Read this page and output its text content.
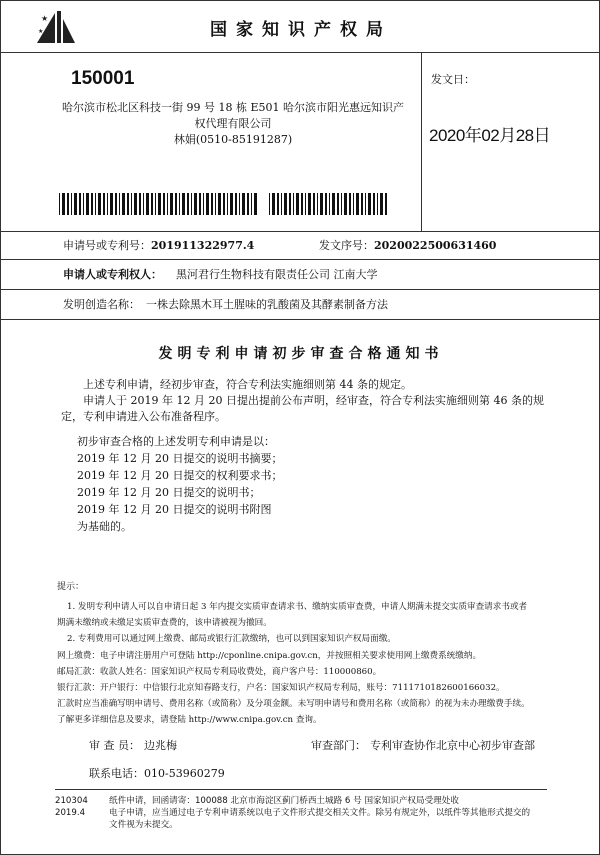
★
★
★	国家知识产权局
150001
哈尔滨市松北区科技一街 99 号 18 栋 E501 哈尔滨市阳光惠远知识产权代理有限公司
林娟(0510-85191287)
发文日：
2020年02月28日
申请号或专利号：201911322977.4	发文序号：2020022500631460
申请人或专利权人： 黑河君行生物科技有限责任公司 江南大学
发明创造名称： 一株去除黑木耳土腥味的乳酸菌及其酵素制备方法
发明专利申请初步审查合格通知书

上述专利申请，经初步审查，符合专利法实施细则第 44 条的规定。

申请人于 2019 年 12 月 20 日提出提前公布声明，经审查，符合专利法实施细则第 46 条的规定，专利申请进入公布准备程序。

初步审查合格的上述发明专利申请是以：
2019 年 12 月 20 日提交的说明书摘要；
2019 年 12 月 20 日提交的权利要求书；
2019 年 12 月 20 日提交的说明书；
2019 年 12 月 20 日提交的说明书附图
为基础的。
提示：
1. 发明专利申请人可以自申请日起 3 年内提交实质审查请求书、缴纳实质审查费，申请人期满未提交实质审查请求书或者
期满未缴纳或未缴足实质审查费的，该申请被视为撤回。
2. 专利费用可以通过网上缴费、邮局或银行汇款缴纳，也可以到国家知识产权局面缴。
网上缴费：电子申请注册用户可登陆 http://cponline.cnipa.gov.cn，并按照相关要求使用网上缴费系统缴纳。
邮局汇款：收款人姓名：国家知识产权局专利局收费处，商户客户号：110000860。
银行汇款：开户银行：中信银行北京知春路支行，户名：国家知识产权局专利局，账号：7111710182600166032。
汇款时应当准确写明申请号、费用名称（或简称）及分项金额。未写明申请号和费用名称（或简称）的视为未办理缴费手续。
了解更多详细信息及要求，请登陆 http://www.cnipa.gov.cn 查询。
审 查 员： 边兆梅	审查部门： 专利审查协作北京中心初步审查部
联系电话：010-53960279
210304
2019.4
纸件申请，回函请寄：100088 北京市海淀区蓟门桥西土城路 6 号 国家知识产权局受理处收
电子申请，应当通过电子专利申请系统以电子文件形式提交相关文件。除另有规定外，以纸件等其他形式提交的
文件视为未提交。
